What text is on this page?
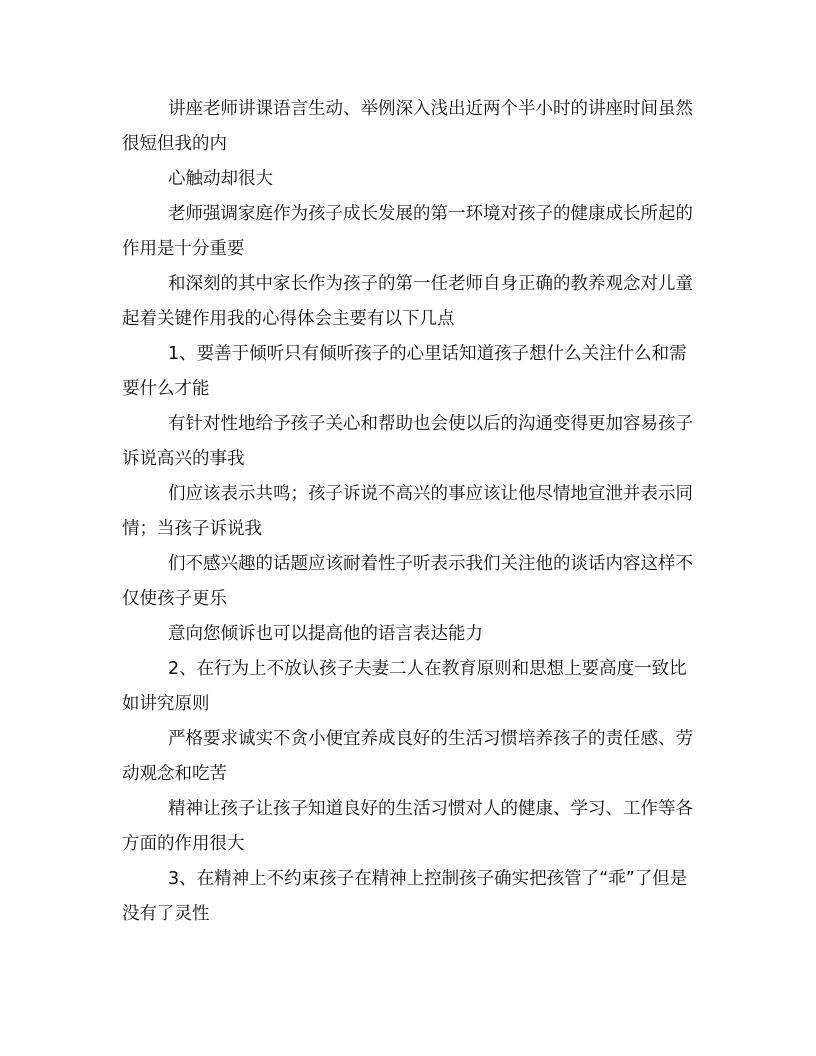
讲座老师讲课语言生动、举例深入浅出近两个半小时的讲座时间虽然很短但我的内

心触动却很大

老师强调家庭作为孩子成长发展的第一环境对孩子的健康成长所起的作用是十分重要

和深刻的其中家长作为孩子的第一任老师自身正确的教养观念对儿童起着关键作用我的心得体会主要有以下几点

1、要善于倾听只有倾听孩子的心里话知道孩子想什么关注什么和需要什么才能

有针对性地给予孩子关心和帮助也会使以后的沟通变得更加容易孩子诉说高兴的事我

们应该表示共鸣；孩子诉说不高兴的事应该让他尽情地宣泄并表示同情；当孩子诉说我

们不感兴趣的话题应该耐着性子听表示我们关注他的谈话内容这样不仅使孩子更乐

意向您倾诉也可以提高他的语言表达能力

2、在行为上不放认孩子夫妻二人在教育原则和思想上要高度一致比如讲究原则

严格要求诚实不贪小便宜养成良好的生活习惯培养孩子的责任感、劳动观念和吃苦

精神让孩子让孩子知道良好的生活习惯对人的健康、学习、工作等各方面的作用很大

3、在精神上不约束孩子在精神上控制孩子确实把孩管了“乖”了但是没有了灵性
